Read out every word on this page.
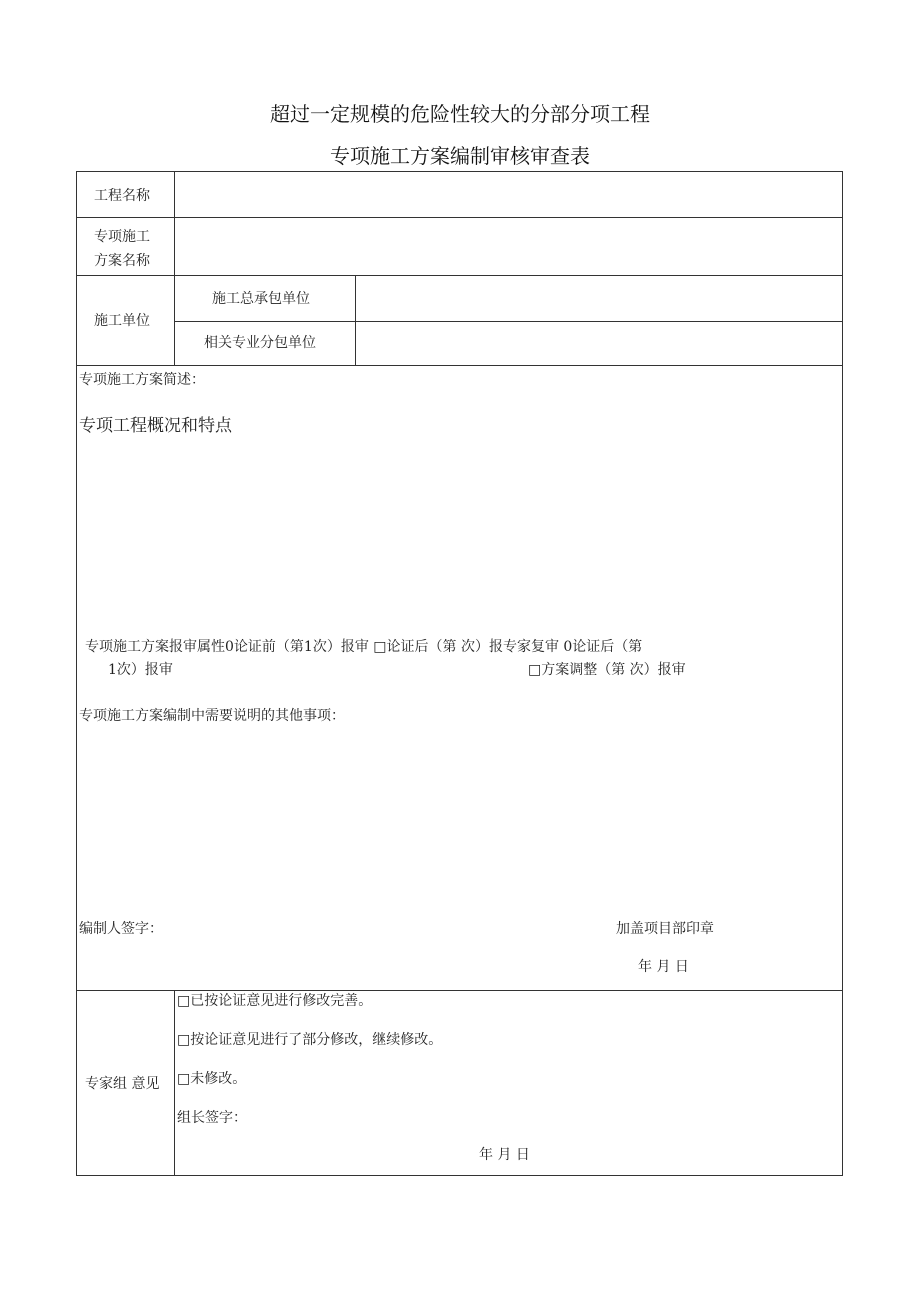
超过一定规模的危险性较大的分部分项工程
专项施工方案编制审核审查表
工程名称
专项施工
方案名称
施工单位
施工总承包单位
相关专业分包单位
专项施工方案简述：
专项工程概况和特点
专项施工方案报审属性0论证前（第1次）报审 □论证后（第 次）报专家复审 0论证后（第
1次）报审	□方案调整（第 次）报审
专项施工方案编制中需要说明的其他事项：
编制人签字：	加盖项目部印章
年 月 日
专家组 意见
□已按论证意见进行修改完善。
□按论证意见进行了部分修改，继续修改。
□未修改。
组长签字：
年 月 日
